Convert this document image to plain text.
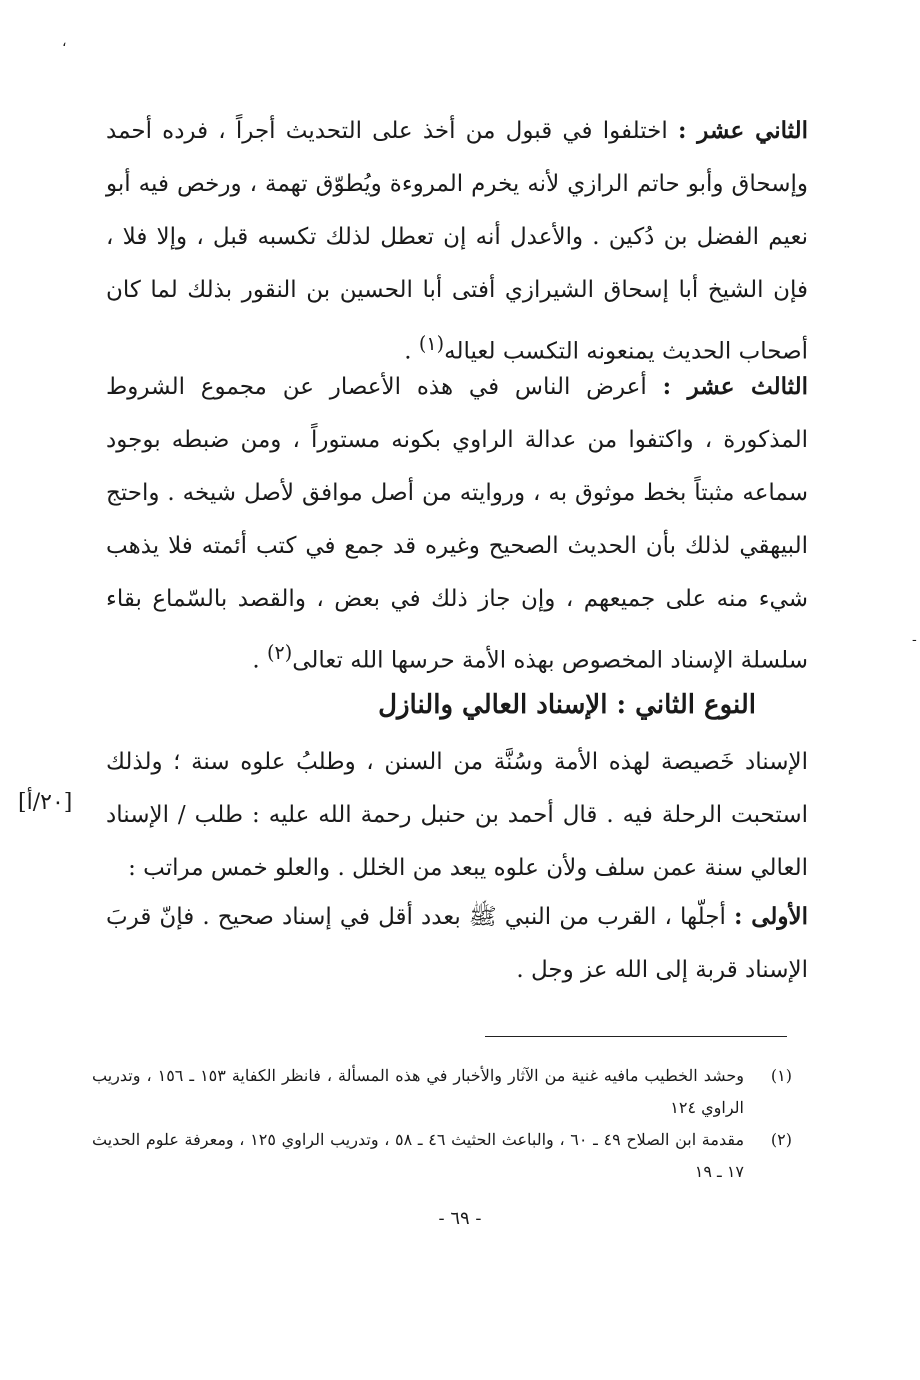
،
-
الثاني عشر : اختلفوا في قبول من أخذ على التحديث أجراً ، فرده أحمد وإسحاق وأبو حاتم الرازي لأنه يخرم المروءة ويُطوّق تهمة ، ورخص فيه أبو نعيم الفضل بن دُكين . والأعدل أنه إن تعطل لذلك تكسبه قبل ، وإلا فلا ، فإن الشيخ أبا إسحاق الشيرازي أفتى أبا الحسين بن النقور بذلك لما كان أصحاب الحديث يمنعونه التكسب لعياله$^{(١)}$ .
الثالث عشر : أعرض الناس في هذه الأعصار عن مجموع الشروط المذكورة ، واكتفوا من عدالة الراوي بكونه مستوراً ، ومن ضبطه بوجود سماعه مثبتاً بخط موثوق به ، وروايته من أصل موافق لأصل شيخه . واحتج البيهقي لذلك بأن الحديث الصحيح وغيره قد جمع في كتب أئمته فلا يذهب شيء منه على جميعهم ، وإن جاز ذلك في بعض ، والقصد بالسّماع بقاء سلسلة الإسناد المخصوص بهذه الأمة حرسها الله تعالى$^{(٢)}$ .
النوع الثاني : الإسناد العالي والنازل
الإسناد خَصيصة لهذه الأمة وسُنَّة من السنن ، وطلبُ علوه سنة ؛ ولذلك استحبت الرحلة فيه . قال أحمد بن حنبل رحمة الله عليه : طلب / الإسناد العالي سنة عمن سلف ولأن علوه يبعد من الخلل . والعلو خمس مراتب :
[٢٠/أ]
الأولى : أجلّها ، القرب من النبي ﷺ بعدد أقل في إسناد صحيح . فإنّ قربَ الإسناد قربة إلى الله عز وجل .
(١)
وحشد الخطيب مافيه غنية من الآثار والأخبار في هذه المسألة ، فانظر الكفاية ١٥٣ ـ ١٥٦ ، وتدريب الراوي ١٢٤
(٢)
مقدمة ابن الصلاح ٤٩ ـ ٦٠ ، والباعث الحثيث ٤٦ ـ ٥٨ ، وتدريب الراوي ١٢٥ ، ومعرفة علوم الحديث ١٧ ـ ١٩
- ٦٩ -
